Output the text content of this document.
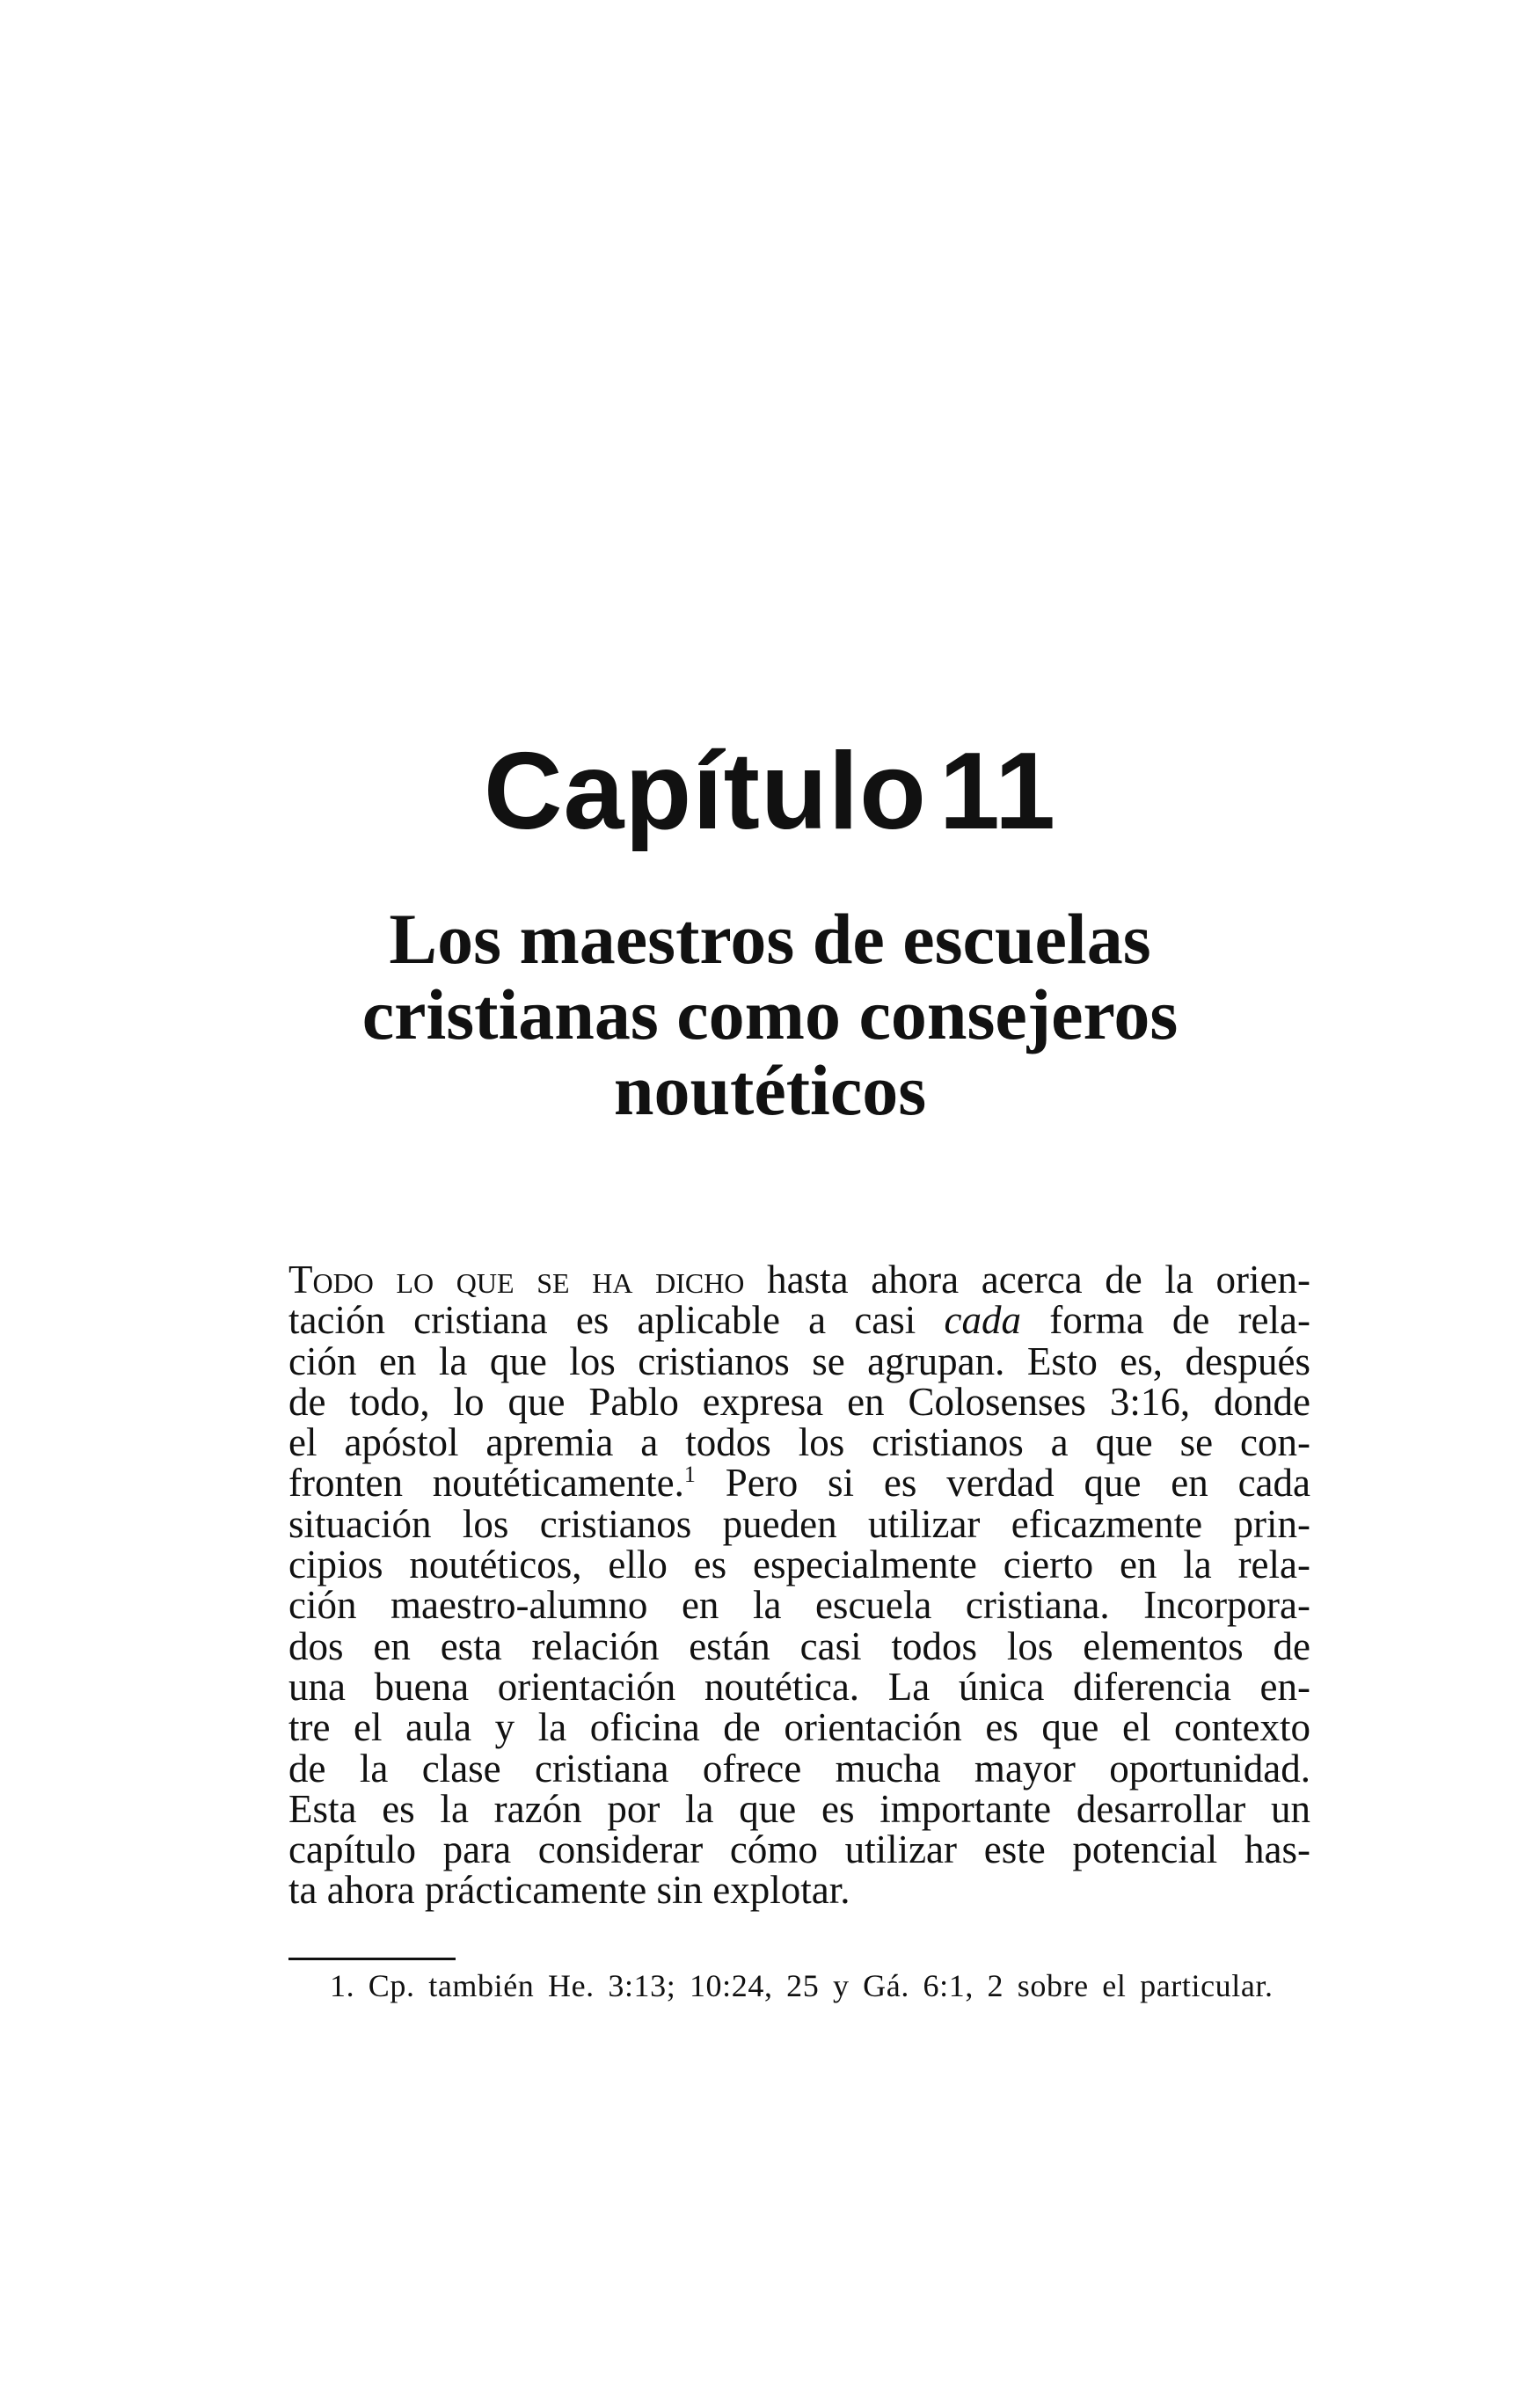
Capítulo 11
Los maestros de escuelas
cristianas como consejeros
noutéticos
Todo lo que se ha dicho hasta ahora acerca de la orien-
tación cristiana es aplicable a casi cada forma de rela-
ción en la que los cristianos se agrupan. Esto es, después
de todo, lo que Pablo expresa en Colosenses 3:16, donde
el apóstol apremia a todos los cristianos a que se con-
fronten noutéticamente.$^1$ Pero si es verdad que en cada
situación los cristianos pueden utilizar eficazmente prin-
cipios noutéticos, ello es especialmente cierto en la rela-
ción maestro-alumno en la escuela cristiana. Incorpora-
dos en esta relación están casi todos los elementos de
una buena orientación noutética. La única diferencia en-
tre el aula y la oficina de orientación es que el contexto
de la clase cristiana ofrece mucha mayor oportunidad.
Esta es la razón por la que es importante desarrollar un
capítulo para considerar cómo utilizar este potencial has-
ta ahora prácticamente sin explotar.

1. Cp. también He. 3:13; 10:24, 25 y Gá. 6:1, 2 sobre el particular.
